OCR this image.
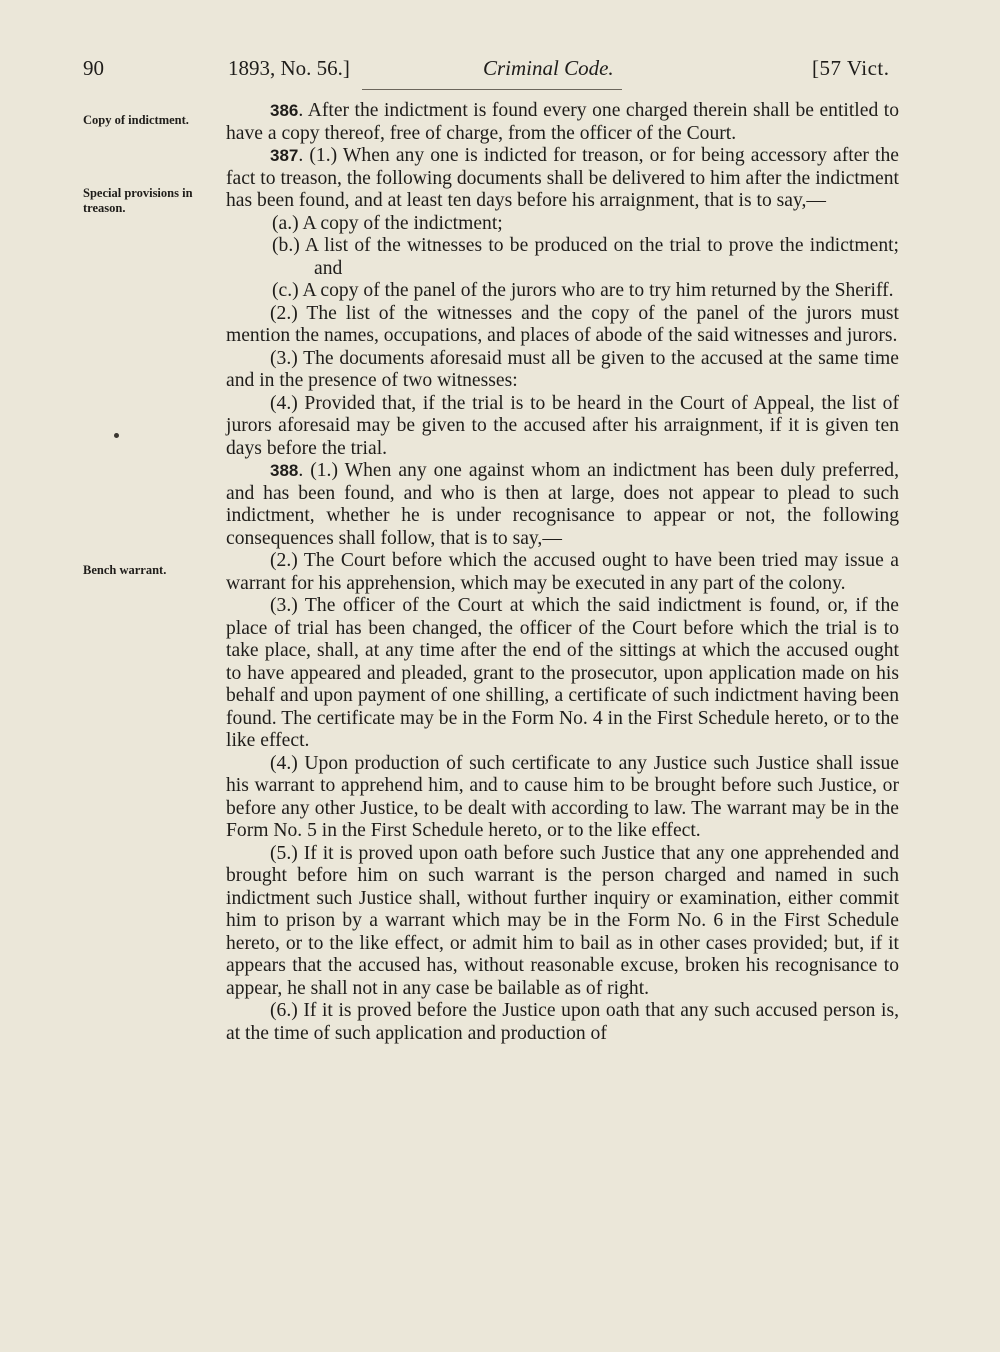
90	1893, No. 56.]	Criminal Code.	[57 Vict.
Copy of indictment.
Special provisions in treason.
Bench warrant.

386. After the indictment is found every one charged therein shall be entitled to have a copy thereof, free of charge, from the officer of the Court.

387. (1.) When any one is indicted for treason, or for being accessory after the fact to treason, the following documents shall be delivered to him after the indictment has been found, and at least ten days before his arraignment, that is to say,—

(a.) A copy of the indictment;

(b.) A list of the witnesses to be produced on the trial to prove the indictment; and

(c.) A copy of the panel of the jurors who are to try him returned by the Sheriff.

(2.) The list of the witnesses and the copy of the panel of the jurors must mention the names, occupations, and places of abode of the said witnesses and jurors.

(3.) The documents aforesaid must all be given to the accused at the same time and in the presence of two witnesses:

(4.) Provided that, if the trial is to be heard in the Court of Appeal, the list of jurors aforesaid may be given to the accused after his arraignment, if it is given ten days before the trial.

388. (1.) When any one against whom an indictment has been duly preferred, and has been found, and who is then at large, does not appear to plead to such indictment, whether he is under recognisance to appear or not, the following consequences shall follow, that is to say,—

(2.) The Court before which the accused ought to have been tried may issue a warrant for his apprehension, which may be executed in any part of the colony.

(3.) The officer of the Court at which the said indictment is found, or, if the place of trial has been changed, the officer of the Court before which the trial is to take place, shall, at any time after the end of the sittings at which the accused ought to have appeared and pleaded, grant to the prosecutor, upon application made on his behalf and upon payment of one shilling, a certificate of such indictment having been found. The certificate may be in the Form No. 4 in the First Schedule hereto, or to the like effect.

(4.) Upon production of such certificate to any Justice such Justice shall issue his warrant to apprehend him, and to cause him to be brought before such Justice, or before any other Justice, to be dealt with according to law. The warrant may be in the Form No. 5 in the First Schedule hereto, or to the like effect.

(5.) If it is proved upon oath before such Justice that any one apprehended and brought before him on such warrant is the person charged and named in such indictment such Justice shall, without further inquiry or examination, either commit him to prison by a warrant which may be in the Form No. 6 in the First Schedule hereto, or to the like effect, or admit him to bail as in other cases provided; but, if it appears that the accused has, without reasonable excuse, broken his recognisance to appear, he shall not in any case be bailable as of right.

(6.) If it is proved before the Justice upon oath that any such accused person is, at the time of such application and production of
